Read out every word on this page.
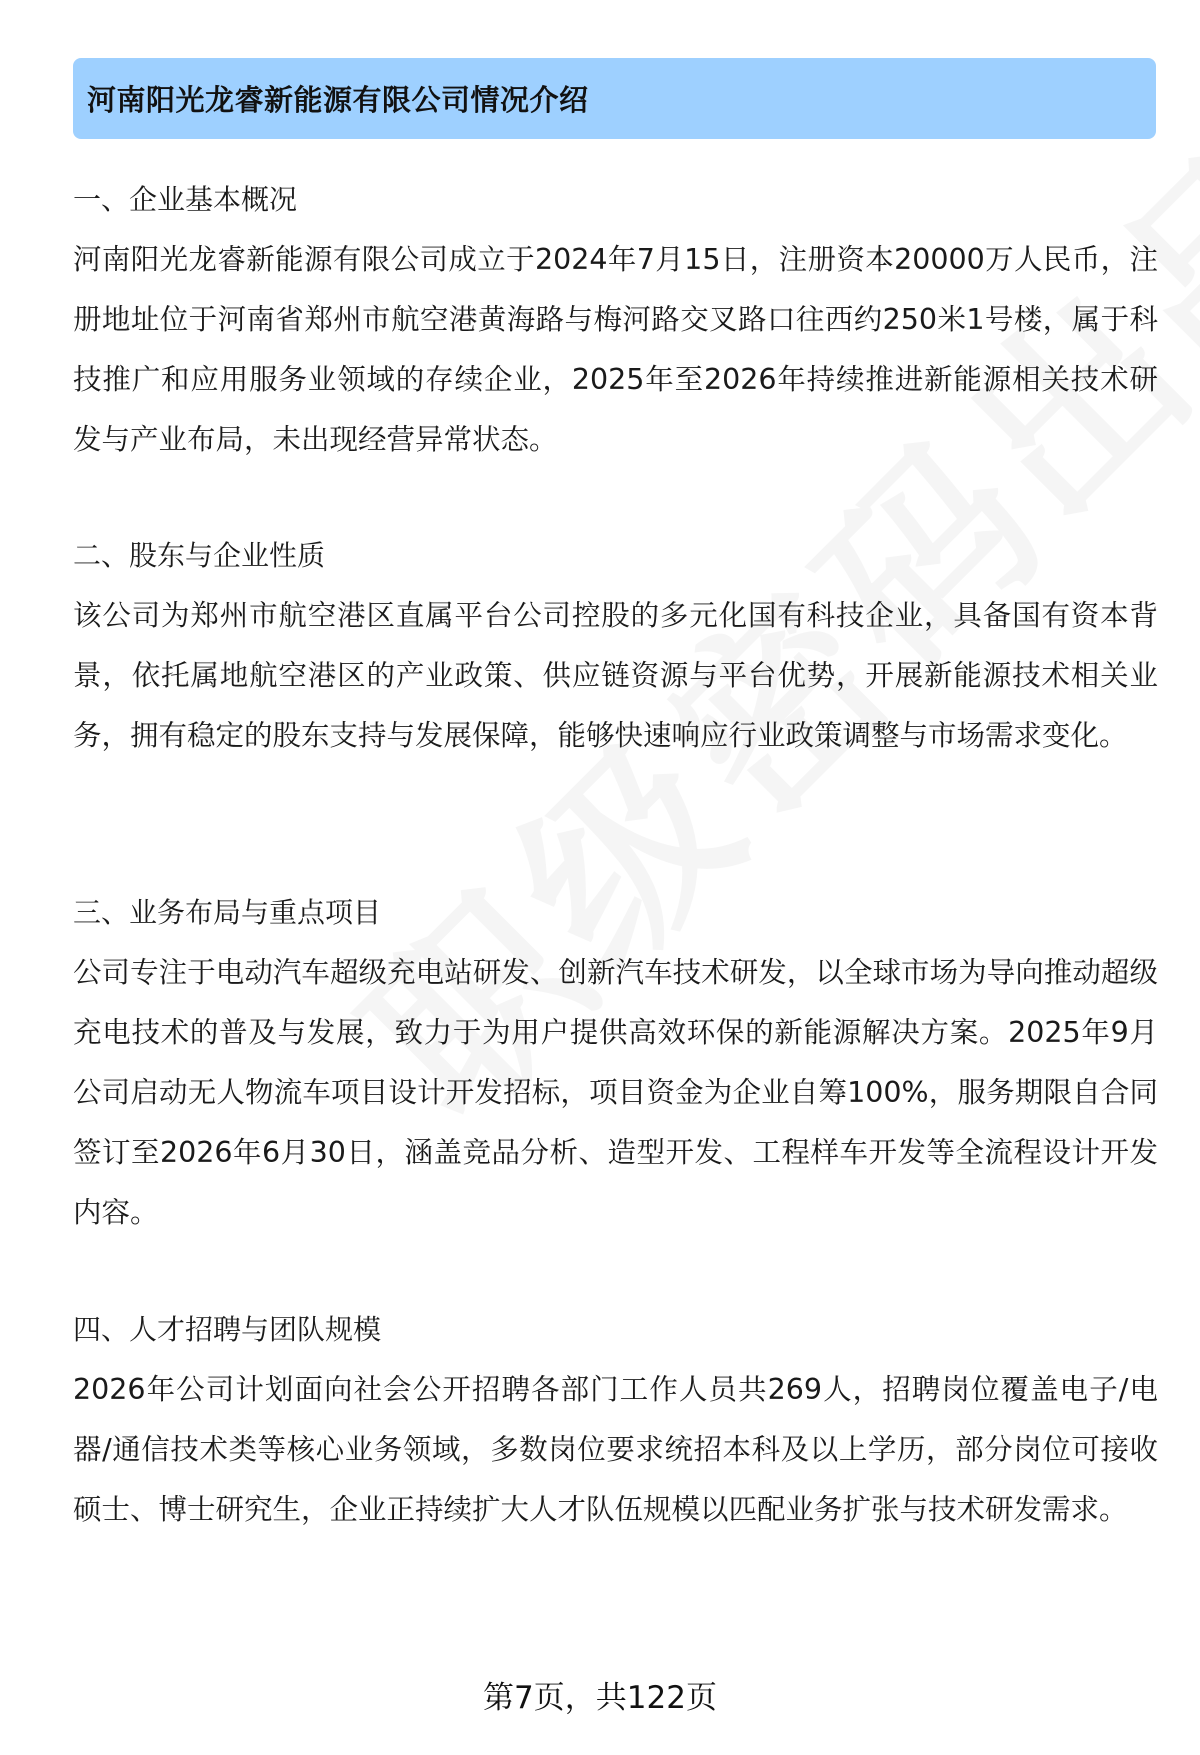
河南阳光龙睿新能源有限公司情况介绍
一、企业基本概况
河南阳光龙睿新能源有限公司成立于2024年7月15日，注册资本20000万人民币，注册地址位于河南省郑州市航空港黄海路与梅河路交叉路口往西约250米1号楼，属于科技推广和应用服务业领域的存续企业，2025年至2026年持续推进新能源相关技术研发与产业布局，未出现经营异常状态。
二、股东与企业性质
该公司为郑州市航空港区直属平台公司控股的多元化国有科技企业，具备国有资本背景，依托属地航空港区的产业政策、供应链资源与平台优势，开展新能源技术相关业务，拥有稳定的股东支持与发展保障，能够快速响应行业政策调整与市场需求变化。
三、业务布局与重点项目
公司专注于电动汽车超级充电站研发、创新汽车技术研发，以全球市场为导向推动超级充电技术的普及与发展，致力于为用户提供高效环保的新能源解决方案。2025年9月公司启动无人物流车项目设计开发招标，项目资金为企业自筹100%，服务期限自合同签订至2026年6月30日，涵盖竞品分析、造型开发、工程样车开发等全流程设计开发内容。
四、人才招聘与团队规模
2026年公司计划面向社会公开招聘各部门工作人员共269人，招聘岗位覆盖电子/电器/通信技术类等核心业务领域，多数岗位要求统招本科及以上学历，部分岗位可接收硕士、博士研究生，企业正持续扩大人才队伍规模以匹配业务扩张与技术研发需求。
第7页，共122页
